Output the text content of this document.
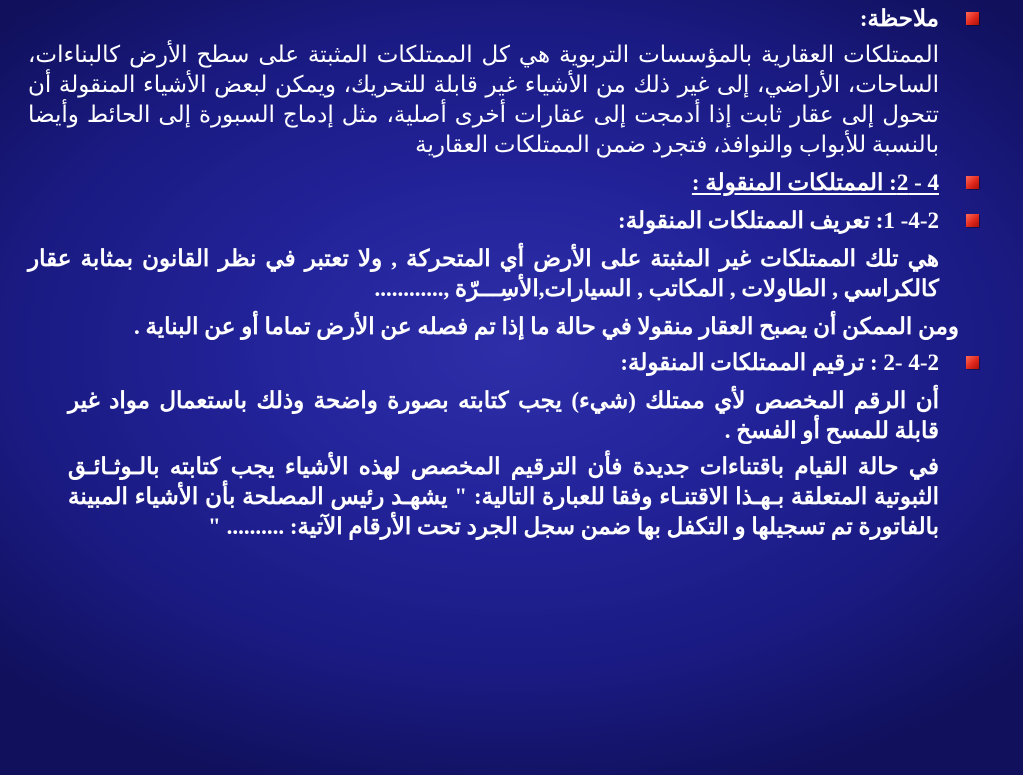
ملاحظة:
الممتلكات العقارية بالمؤسسات التربوية هي كل الممتلكات المثبتة على سطح الأرض كالبناءات، الساحات، الأراضي، إلى غير ذلك من الأشياء غير قابلة للتحريك، ويمكن لبعض الأشياء المنقولة أن تتحول إلى عقار ثابت إذا أدمجت إلى عقارات أخرى أصلية، مثل إدماج السبورة إلى الحائط وأيضا بالنسبة للأبواب والنوافذ، فتجرد ضمن الممتلكات العقارية
4 - 2: الممتلكات المنقولة :
4-2- 1: تعريف الممتلكات المنقولة:
هي تلك الممتلكات غير المثبتة على الأرض أي المتحركة , ولا تعتبر في نظر القانون بمثابة عقار كالكراسي , الطاولات , المكاتب , السيارات,الأسِـــرّة ,............
ومن الممكن أن يصبح العقار منقولا في حالة ما إذا تم فصله عن الأرض تماما أو عن البناية .
4-2 -2 : ترقيم الممتلكات المنقولة:
أن الرقم المخصص لأي ممتلك (شيء) يجب كتابته بصورة واضحة وذلك باستعمال مواد غير قابلة للمسح أو الفسخ .
في حالة القيام باقتناءات جديدة فأن الترقيم المخصص لهذه الأشياء يجب كتابته بالـوثـائـق الثبوتية المتعلقة بـهـذا الاقتنـاء وفقا للعبارة التالية: " يشهـد رئيس المصلحة بأن الأشياء المبينة بالفاتورة تم تسجيلها و التكفل بها ضمن سجل الجرد تحت الأرقام الآتية: .......... "
